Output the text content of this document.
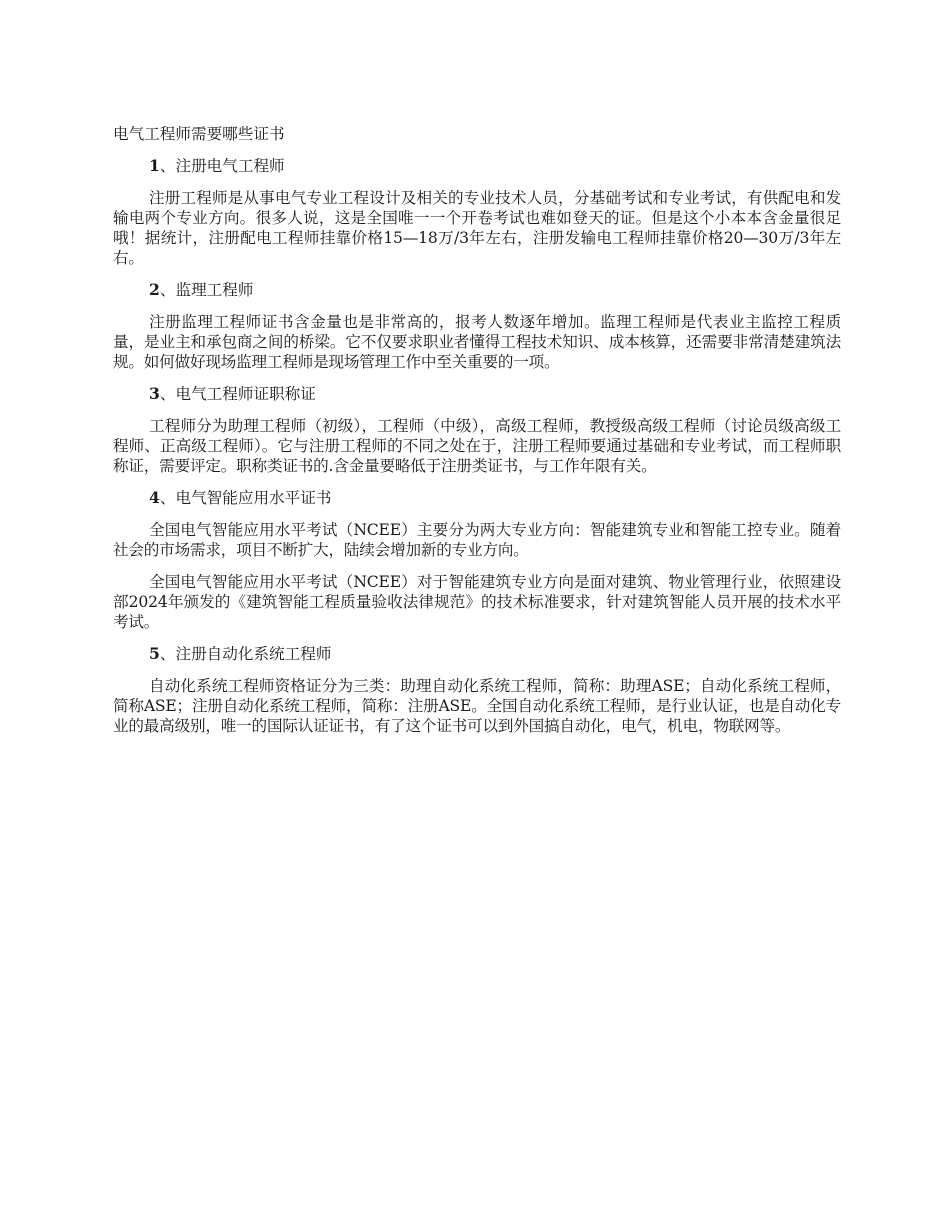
电气工程师需要哪些证书

1、注册电气工程师

注册工程师是从事电气专业工程设计及相关的专业技术人员，分基础考试和专业考试，有供配电和发输电两个专业方向。很多人说，这是全国唯一一个开卷考试也难如登天的证。但是这个小本本含金量很足哦！据统计，注册配电工程师挂靠价格15—18万/3年左右，注册发输电工程师挂靠价格20—30万/3年左右。

2、监理工程师

注册监理工程师证书含金量也是非常高的，报考人数逐年增加。监理工程师是代表业主监控工程质量，是业主和承包商之间的桥梁。它不仅要求职业者懂得工程技术知识、成本核算，还需要非常清楚建筑法规。如何做好现场监理工程师是现场管理工作中至关重要的一项。

3、电气工程师证职称证

工程师分为助理工程师（初级），工程师（中级），高级工程师，教授级高级工程师（讨论员级高级工程师、正高级工程师）。它与注册工程师的不同之处在于，注册工程师要通过基础和专业考试，而工程师职称证，需要评定。职称类证书的.含金量要略低于注册类证书，与工作年限有关。

4、电气智能应用水平证书

全国电气智能应用水平考试（NCEE）主要分为两大专业方向：智能建筑专业和智能工控专业。随着社会的市场需求，项目不断扩大，陆续会增加新的专业方向。

全国电气智能应用水平考试（NCEE）对于智能建筑专业方向是面对建筑、物业管理行业，依照建设部2024年颁发的《建筑智能工程质量验收法律规范》的技术标准要求，针对建筑智能人员开展的技术水平考试。

5、注册自动化系统工程师

自动化系统工程师资格证分为三类：助理自动化系统工程师，简称：助理ASE；自动化系统工程师，简称ASE；注册自动化系统工程师，简称：注册ASE。全国自动化系统工程师，是行业认证，也是自动化专业的最高级别，唯一的国际认证证书，有了这个证书可以到外国搞自动化，电气，机电，物联网等。
